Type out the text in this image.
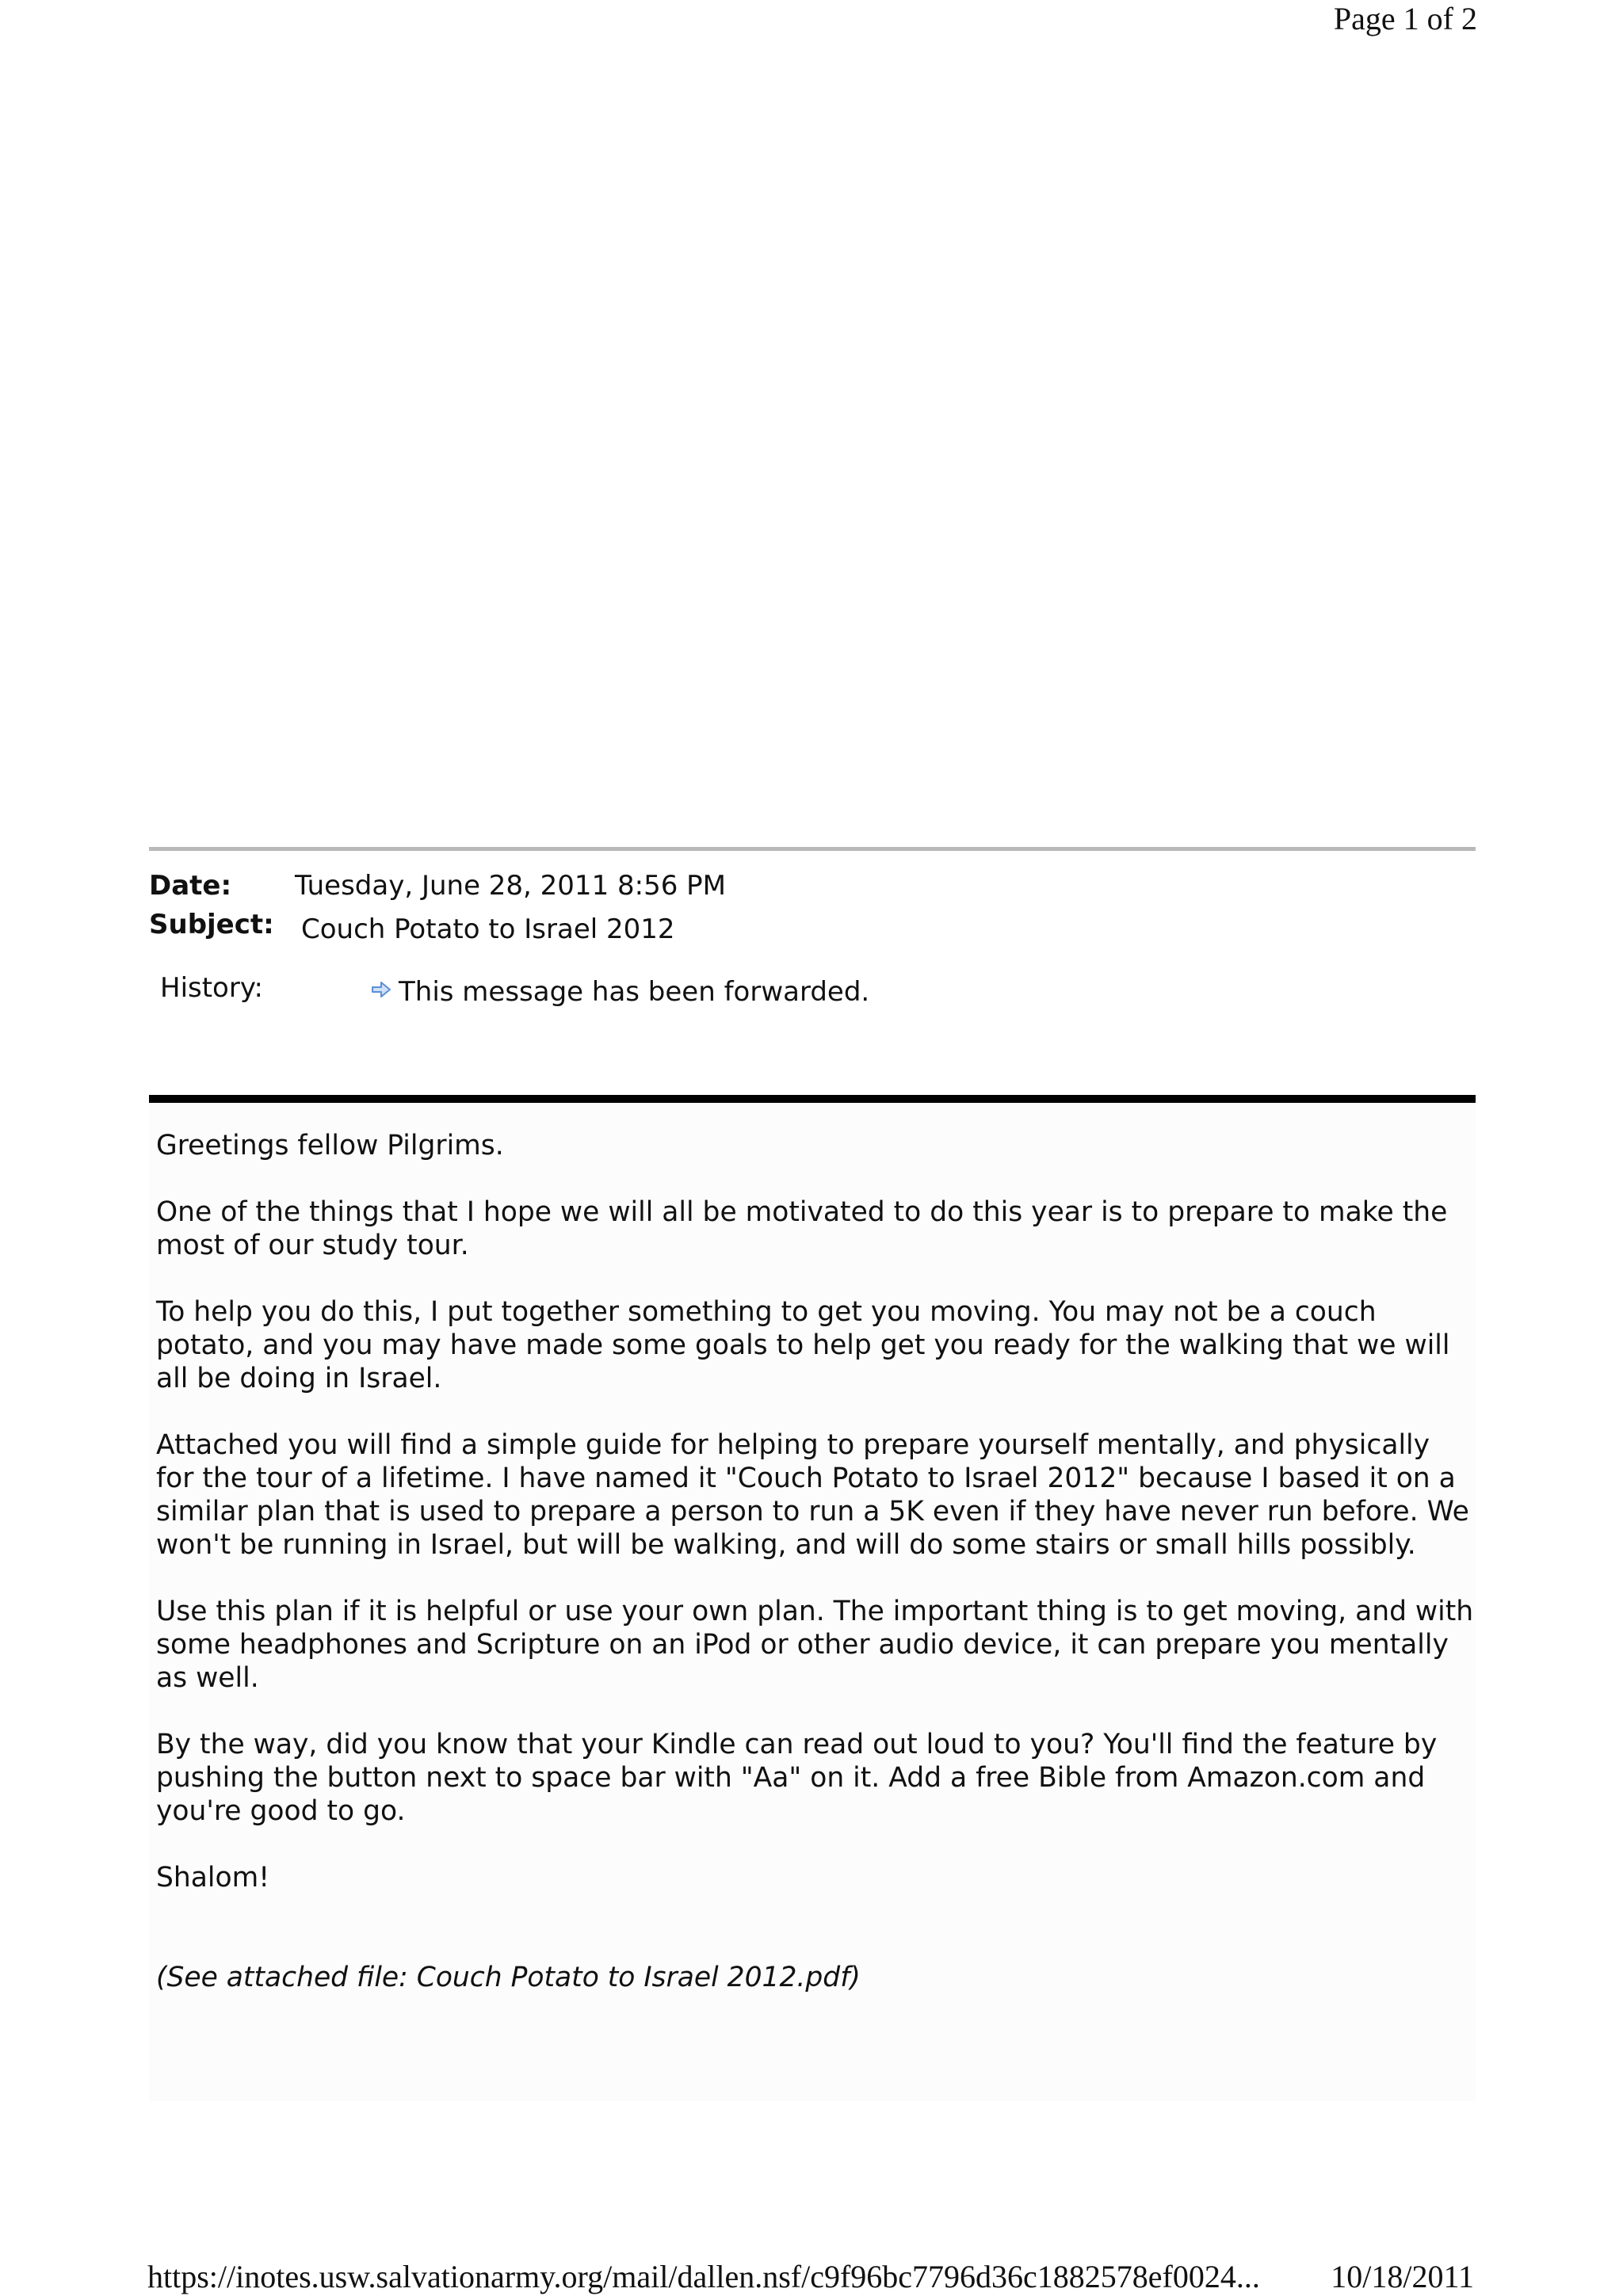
Page 1 of 2
Date: Tuesday, June 28, 2011 8:56 PM
Subject: Couch Potato to Israel 2012
History:	This message has been forwarded.

Greetings fellow Pilgrims.

One of the things that I hope we will all be motivated to do this year is to prepare to make the most of our study tour.

To help you do this, I put together something to get you moving. You may not be a couch potato, and you may have made some goals to help get you ready for the walking that we will all be doing in Israel.

Attached you will find a simple guide for helping to prepare yourself mentally, and physically for the tour of a lifetime. I have named it "Couch Potato to Israel 2012" because I based it on a similar plan that is used to prepare a person to run a 5K even if they have never run before. We won't be running in Israel, but will be walking, and will do some stairs or small hills possibly.

Use this plan if it is helpful or use your own plan. The important thing is to get moving, and with some headphones and Scripture on an iPod or other audio device, it can prepare you mentally as well.

By the way, did you know that your Kindle can read out loud to you? You'll find the feature by pushing the button next to space bar with "Aa" on it. Add a free Bible from Amazon.com and you're good to go.

Shalom!

(See attached file: Couch Potato to Israel 2012.pdf)

https://inotes.usw.salvationarmy.org/mail/dallen.nsf/c9f96bc7796d36c1882578ef0024... 10/18/2011
